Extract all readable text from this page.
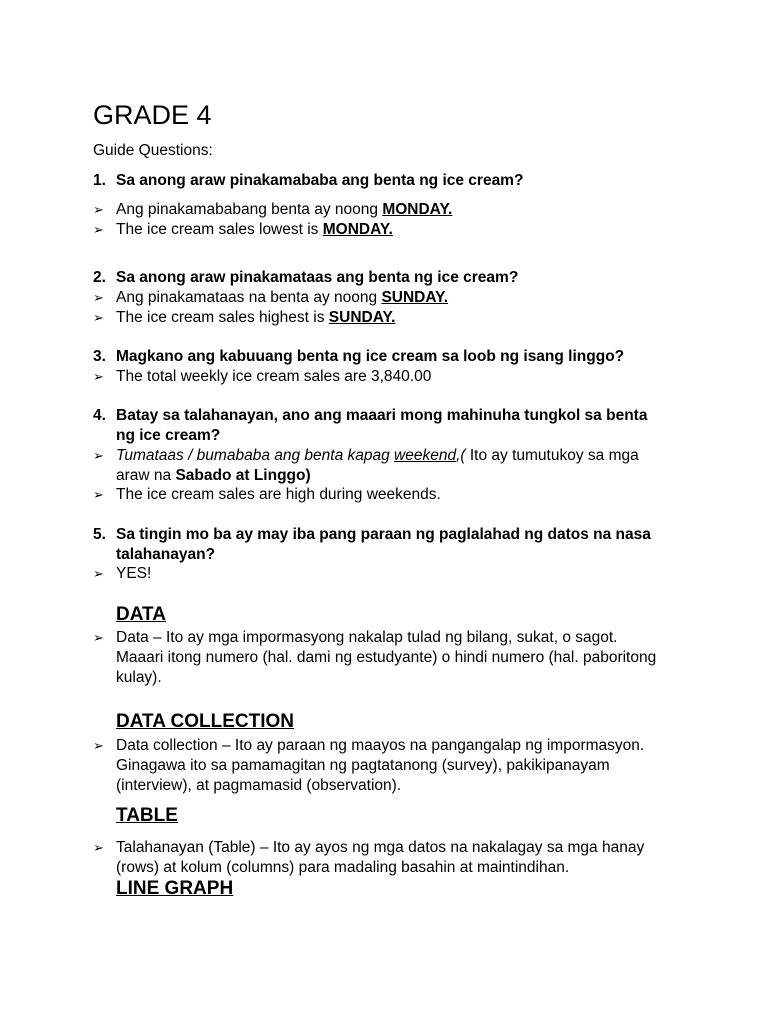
GRADE 4
Guide Questions:
1. Sa anong araw pinakamababa ang benta ng ice cream?
➢ Ang pinakamababang benta ay noong MONDAY.
➢ The ice cream sales lowest is MONDAY.
2. Sa anong araw pinakamataas ang benta ng ice cream?
➢ Ang pinakamataas na benta ay noong SUNDAY.
➢ The ice cream sales highest is SUNDAY.
3. Magkano ang kabuuang benta ng ice cream sa loob ng isang linggo?
➢ The total weekly ice cream sales are 3,840.00
4. Batay sa talahanayan, ano ang maaari mong mahinuha tungkol sa benta ng ice cream?
➢ Tumataas / bumababa ang benta kapag weekend,( Ito ay tumutukoy sa mga araw na Sabado at Linggo)
➢ The ice cream sales are high during weekends.
5. Sa tingin mo ba ay may iba pang paraan ng paglalahad ng datos na nasa talahanayan?
➢ YES!
DATA
➢ Data – Ito ay mga impormasyong nakalap tulad ng bilang, sukat, o sagot. Maaari itong numero (hal. dami ng estudyante) o hindi numero (hal. paboritong kulay).
DATA COLLECTION
➢ Data collection – Ito ay paraan ng maayos na pangangalap ng impormasyon. Ginagawa ito sa pamamagitan ng pagtatanong (survey), pakikipanayam (interview), at pagmamasid (observation).
TABLE
➢ Talahanayan (Table) – Ito ay ayos ng mga datos na nakalagay sa mga hanay (rows) at kolum (columns) para madaling basahin at maintindihan.
LINE GRAPH
